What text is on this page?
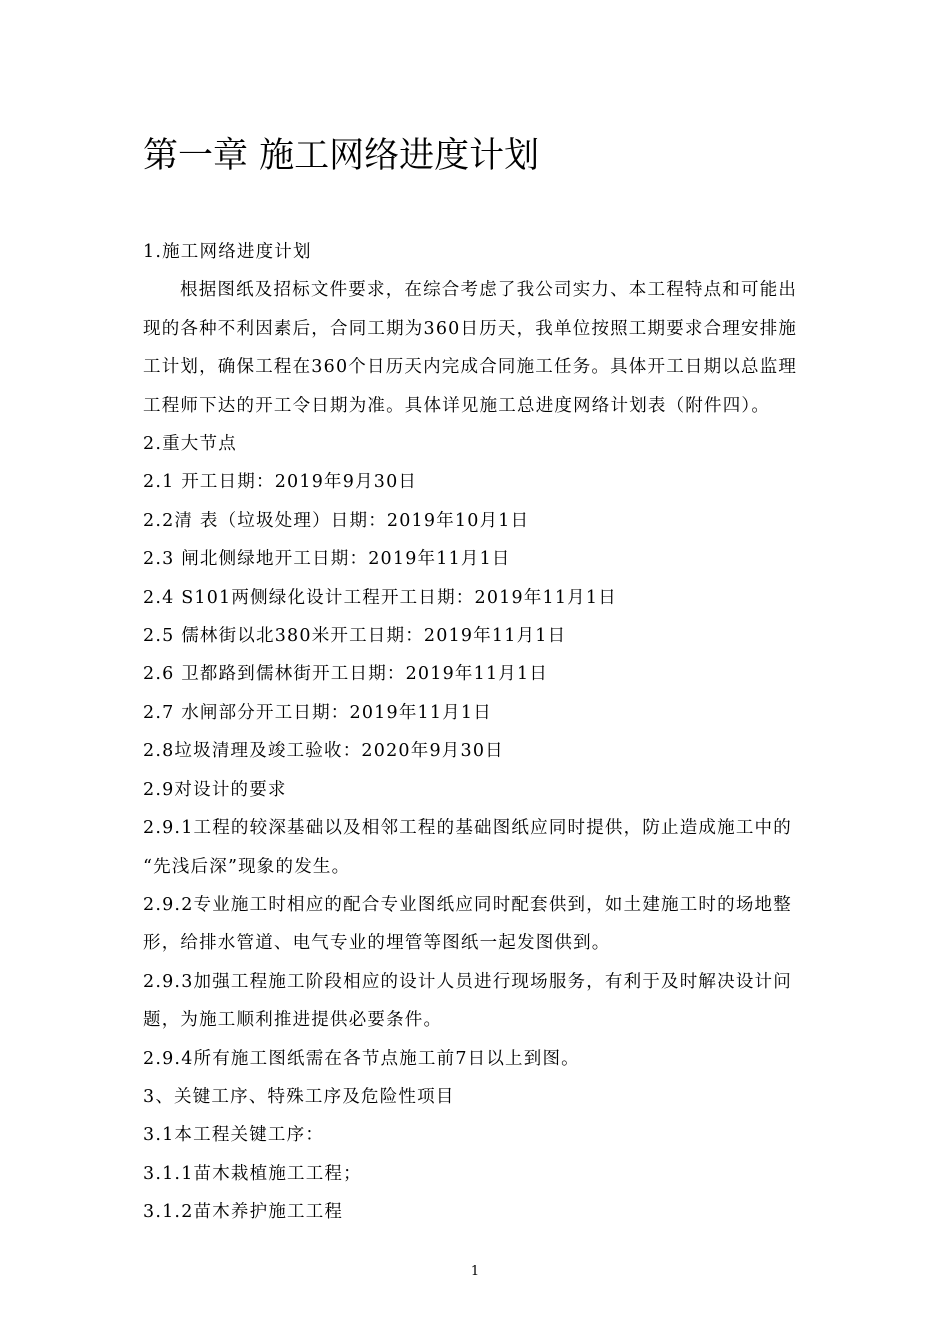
第一章 施工网络进度计划

1.施工网络进度计划

根据图纸及招标文件要求，在综合考虑了我公司实力、本工程特点和可能出

现的各种不利因素后，合同工期为360日历天，我单位按照工期要求合理安排施

工计划，确保工程在360个日历天内完成合同施工任务。具体开工日期以总监理

工程师下达的开工令日期为准。具体详见施工总进度网络计划表（附件四）。

2.重大节点

2.1 开工日期：2019年9月30日

2.2清 表（垃圾处理）日期：2019年10月1日

2.3 闸北侧绿地开工日期：2019年11月1日

2.4 S101两侧绿化设计工程开工日期：2019年11月1日

2.5 儒林街以北380米开工日期：2019年11月1日

2.6 卫都路到儒林街开工日期：2019年11月1日

2.7 水闸部分开工日期：2019年11月1日

2.8垃圾清理及竣工验收：2020年9月30日

2.9对设计的要求

2.9.1工程的较深基础以及相邻工程的基础图纸应同时提供，防止造成施工中的

“先浅后深”现象的发生。

2.9.2专业施工时相应的配合专业图纸应同时配套供到，如土建施工时的场地整

形，给排水管道、电气专业的埋管等图纸一起发图供到。

2.9.3加强工程施工阶段相应的设计人员进行现场服务，有利于及时解决设计问

题，为施工顺利推进提供必要条件。

2.9.4所有施工图纸需在各节点施工前7日以上到图。

3、关键工序、特殊工序及危险性项目

3.1本工程关键工序：

3.1.1苗木栽植施工工程；

3.1.2苗木养护施工工程

1
